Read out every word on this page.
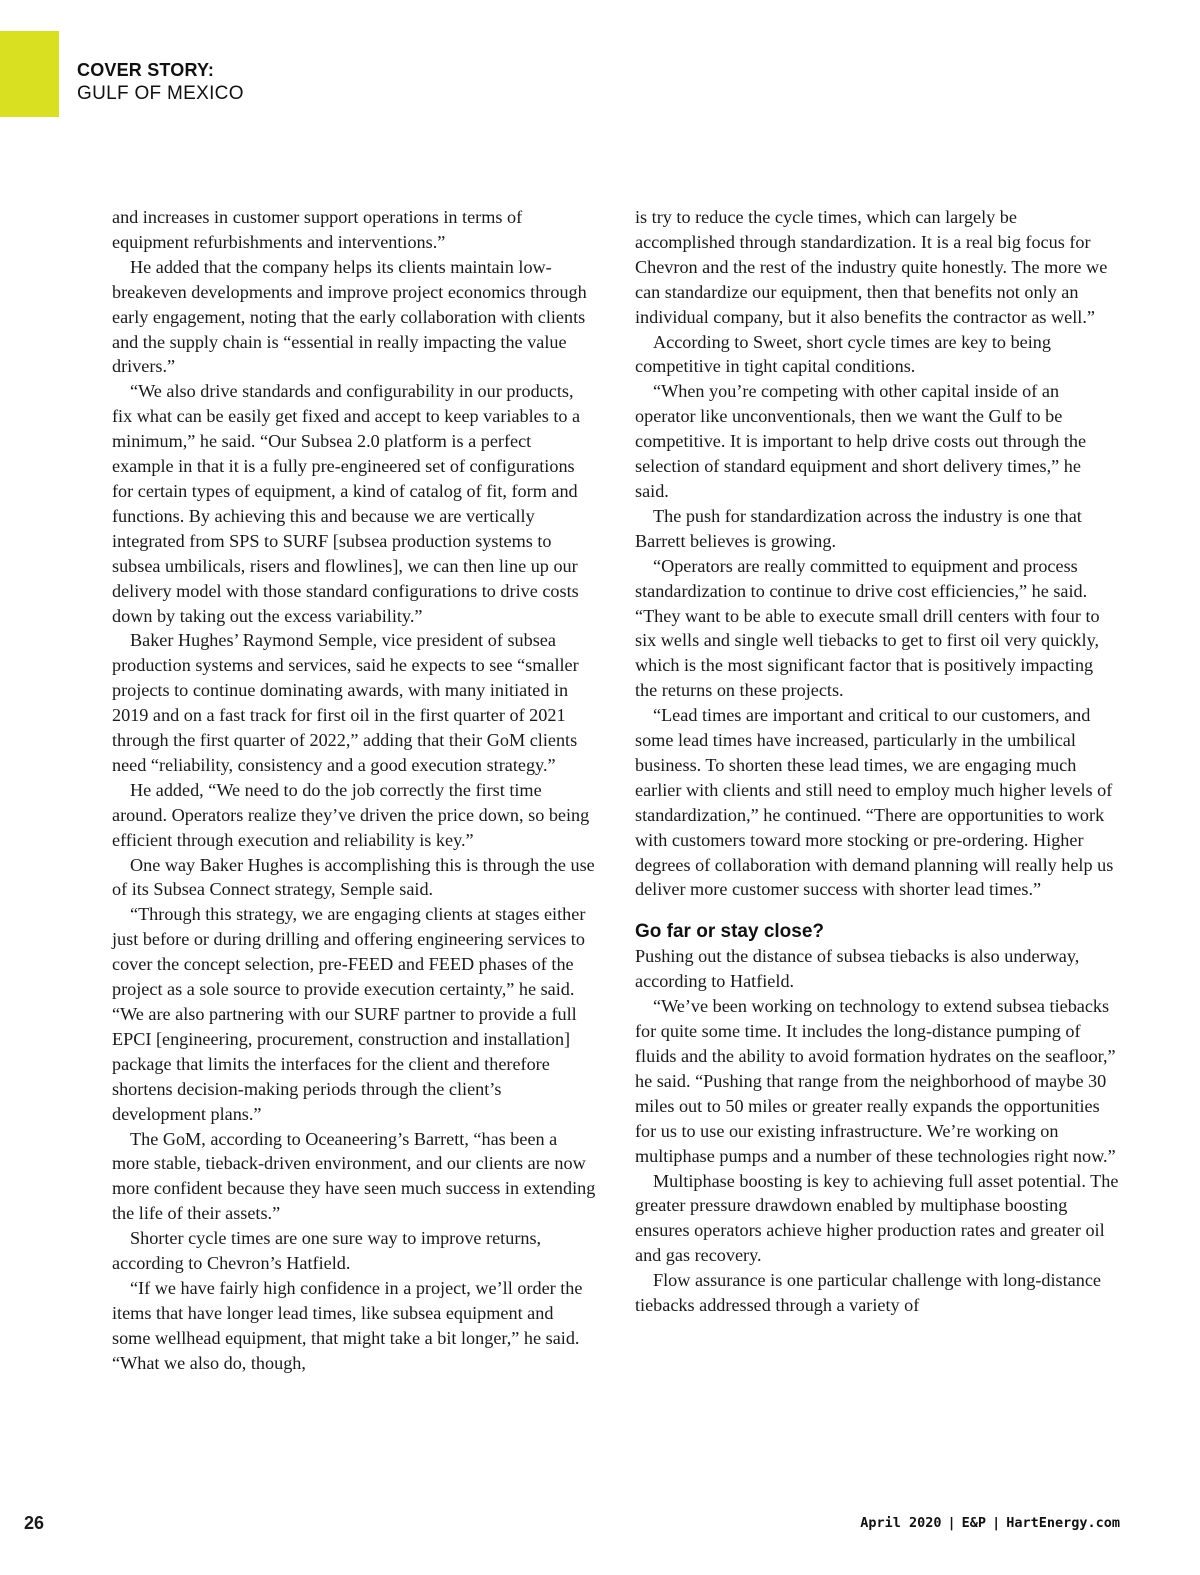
COVER STORY:
GULF OF MEXICO

and increases in customer support operations in terms of equipment refurbishments and interventions.”

He added that the company helps its clients maintain low-breakeven developments and improve project economics through early engagement, noting that the early collaboration with clients and the supply chain is “essential in really impacting the value drivers.”

“We also drive standards and configurability in our products, fix what can be easily get fixed and accept to keep variables to a minimum,” he said. “Our Subsea 2.0 platform is a perfect example in that it is a fully pre-engineered set of configurations for certain types of equipment, a kind of catalog of fit, form and functions. By achieving this and because we are vertically integrated from SPS to SURF [subsea production systems to subsea umbilicals, risers and flowlines], we can then line up our delivery model with those standard configurations to drive costs down by taking out the excess variability.”

Baker Hughes’ Raymond Semple, vice president of subsea production systems and services, said he expects to see “smaller projects to continue dominating awards, with many initiated in 2019 and on a fast track for first oil in the first quarter of 2021 through the first quarter of 2022,” adding that their GoM clients need “reliability, consistency and a good execution strategy.”

He added, “We need to do the job correctly the first time around. Operators realize they’ve driven the price down, so being efficient through execution and reliability is key.”

One way Baker Hughes is accomplishing this is through the use of its Subsea Connect strategy, Semple said.

“Through this strategy, we are engaging clients at stages either just before or during drilling and offering engineering services to cover the concept selection, pre-FEED and FEED phases of the project as a sole source to provide execution certainty,” he said. “We are also partnering with our SURF partner to provide a full EPCI [engineering, procurement, construction and installation] package that limits the interfaces for the client and therefore shortens decision-making periods through the client’s development plans.”

The GoM, according to Oceaneering’s Barrett, “has been a more stable, tieback-driven environment, and our clients are now more confident because they have seen much success in extending the life of their assets.”

Shorter cycle times are one sure way to improve returns, according to Chevron’s Hatfield.

“If we have fairly high confidence in a project, we’ll order the items that have longer lead times, like subsea equipment and some wellhead equipment, that might take a bit longer,” he said. “What we also do, though,

is try to reduce the cycle times, which can largely be accomplished through standardization. It is a real big focus for Chevron and the rest of the industry quite honestly. The more we can standardize our equipment, then that benefits not only an individual company, but it also benefits the contractor as well.”

According to Sweet, short cycle times are key to being competitive in tight capital conditions.

“When you’re competing with other capital inside of an operator like unconventionals, then we want the Gulf to be competitive. It is important to help drive costs out through the selection of standard equipment and short delivery times,” he said.

The push for standardization across the industry is one that Barrett believes is growing.

“Operators are really committed to equipment and process standardization to continue to drive cost efficiencies,” he said. “They want to be able to execute small drill centers with four to six wells and single well tiebacks to get to first oil very quickly, which is the most significant factor that is positively impacting the returns on these projects.

“Lead times are important and critical to our customers, and some lead times have increased, particularly in the umbilical business. To shorten these lead times, we are engaging much earlier with clients and still need to employ much higher levels of standardization,” he continued. “There are opportunities to work with customers toward more stocking or pre-ordering. Higher degrees of collaboration with demand planning will really help us deliver more customer success with shorter lead times.”

Go far or stay close?

Pushing out the distance of subsea tiebacks is also underway, according to Hatfield.

“We’ve been working on technology to extend subsea tiebacks for quite some time. It includes the long-distance pumping of fluids and the ability to avoid formation hydrates on the seafloor,” he said. “Pushing that range from the neighborhood of maybe 30 miles out to 50 miles or greater really expands the opportunities for us to use our existing infrastructure. We’re working on multiphase pumps and a number of these technologies right now.”

Multiphase boosting is key to achieving full asset potential. The greater pressure drawdown enabled by multiphase boosting ensures operators achieve higher production rates and greater oil and gas recovery.

Flow assurance is one particular challenge with long-distance tiebacks addressed through a variety of

26	April 2020 | E&P | HartEnergy.com
